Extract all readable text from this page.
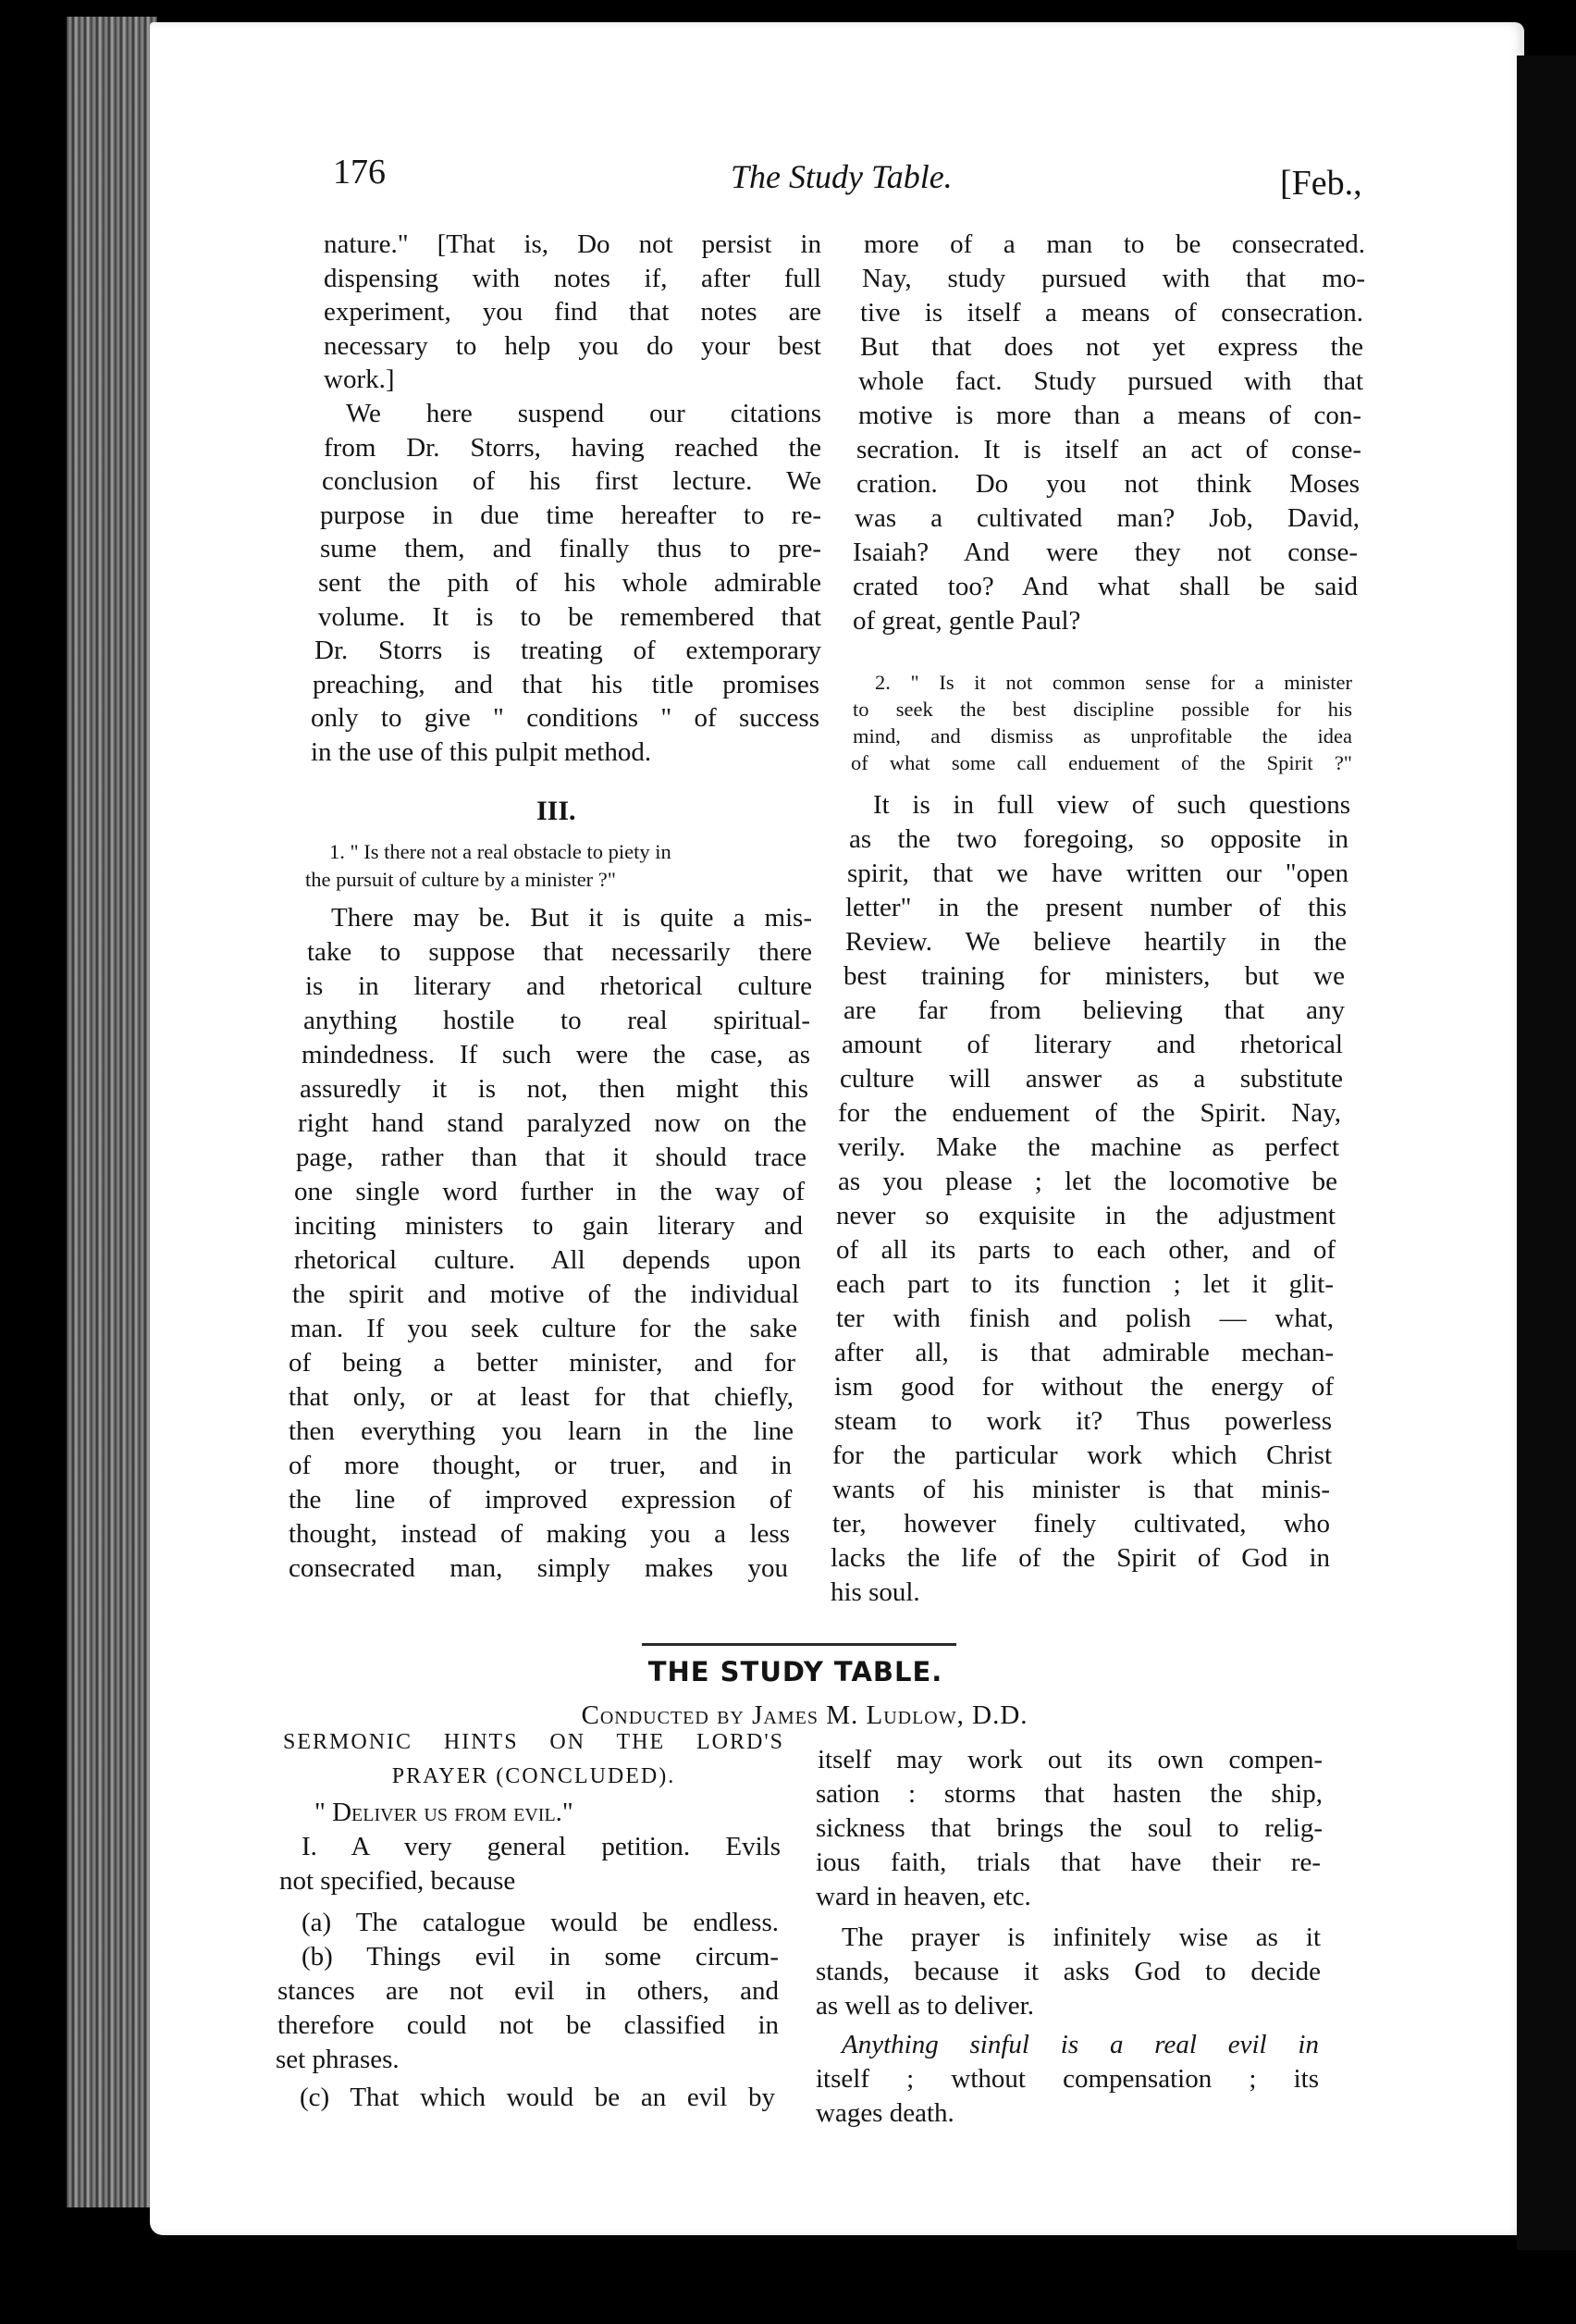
176	The Study Table.	[Feb.,
nature." [That is, Do not persist in
dispensing with notes if, after full
experiment, you find that notes are
necessary to help you do your best
work.]
We here suspend our citations
from Dr. Storrs, having reached the
conclusion of his first lecture. We
purpose in due time hereafter to re-
sume them, and finally thus to pre-
sent the pith of his whole admirable
volume. It is to be remembered that
Dr. Storrs is treating of extemporary
preaching, and that his title promises
only to give " conditions " of success
in the use of this pulpit method.
III.
1. " Is there not a real obstacle to piety in
the pursuit of culture by a minister ?"
There may be. But it is quite a mis-
take to suppose that necessarily there
is in literary and rhetorical culture
anything hostile to real spiritual-
mindedness. If such were the case, as
assuredly it is not, then might this
right hand stand paralyzed now on the
page, rather than that it should trace
one single word further in the way of
inciting ministers to gain literary and
rhetorical culture. All depends upon
the spirit and motive of the individual
man. If you seek culture for the sake
of being a better minister, and for
that only, or at least for that chiefly,
then everything you learn in the line
of more thought, or truer, and in
the line of improved expression of
thought, instead of making you a less
consecrated man, simply makes you
more of a man to be consecrated.
Nay, study pursued with that mo-
tive is itself a means of consecration.
But that does not yet express the
whole fact. Study pursued with that
motive is more than a means of con-
secration. It is itself an act of conse-
cration. Do you not think Moses
was a cultivated man? Job, David,
Isaiah? And were they not conse-
crated too? And what shall be said
of great, gentle Paul?
2. " Is it not common sense for a minister
to seek the best discipline possible for his
mind, and dismiss as unprofitable the idea
of what some call enduement of the Spirit ?"
It is in full view of such questions
as the two foregoing, so opposite in
spirit, that we have written our "open
letter" in the present number of this
Review. We believe heartily in the
best training for ministers, but we
are far from believing that any
amount of literary and rhetorical
culture will answer as a substitute
for the enduement of the Spirit. Nay,
verily. Make the machine as perfect
as you please ; let the locomotive be
never so exquisite in the adjustment
of all its parts to each other, and of
each part to its function ; let it glit-
ter with finish and polish — what,
after all, is that admirable mechan-
ism good for without the energy of
steam to work it? Thus powerless
for the particular work which Christ
wants of his minister is that minis-
ter, however finely cultivated, who
lacks the life of the Spirit of God in
his soul.
THE STUDY TABLE.
Conducted by James M. Ludlow, D.D.
SERMONIC HINTS ON THE LORD'S
PRAYER (CONCLUDED).
" Deliver us from evil."
I. A very general petition. Evils
not specified, because
(a) The catalogue would be endless.
(b) Things evil in some circum-
stances are not evil in others, and
therefore could not be classified in
set phrases.
(c) That which would be an evil by
itself may work out its own compen-
sation : storms that hasten the ship,
sickness that brings the soul to relig-
ious faith, trials that have their re-
ward in heaven, etc.
The prayer is infinitely wise as it
stands, because it asks God to decide
as well as to deliver.
Anything sinful is a real evil in
itself ; wthout compensation ; its
wages death.
